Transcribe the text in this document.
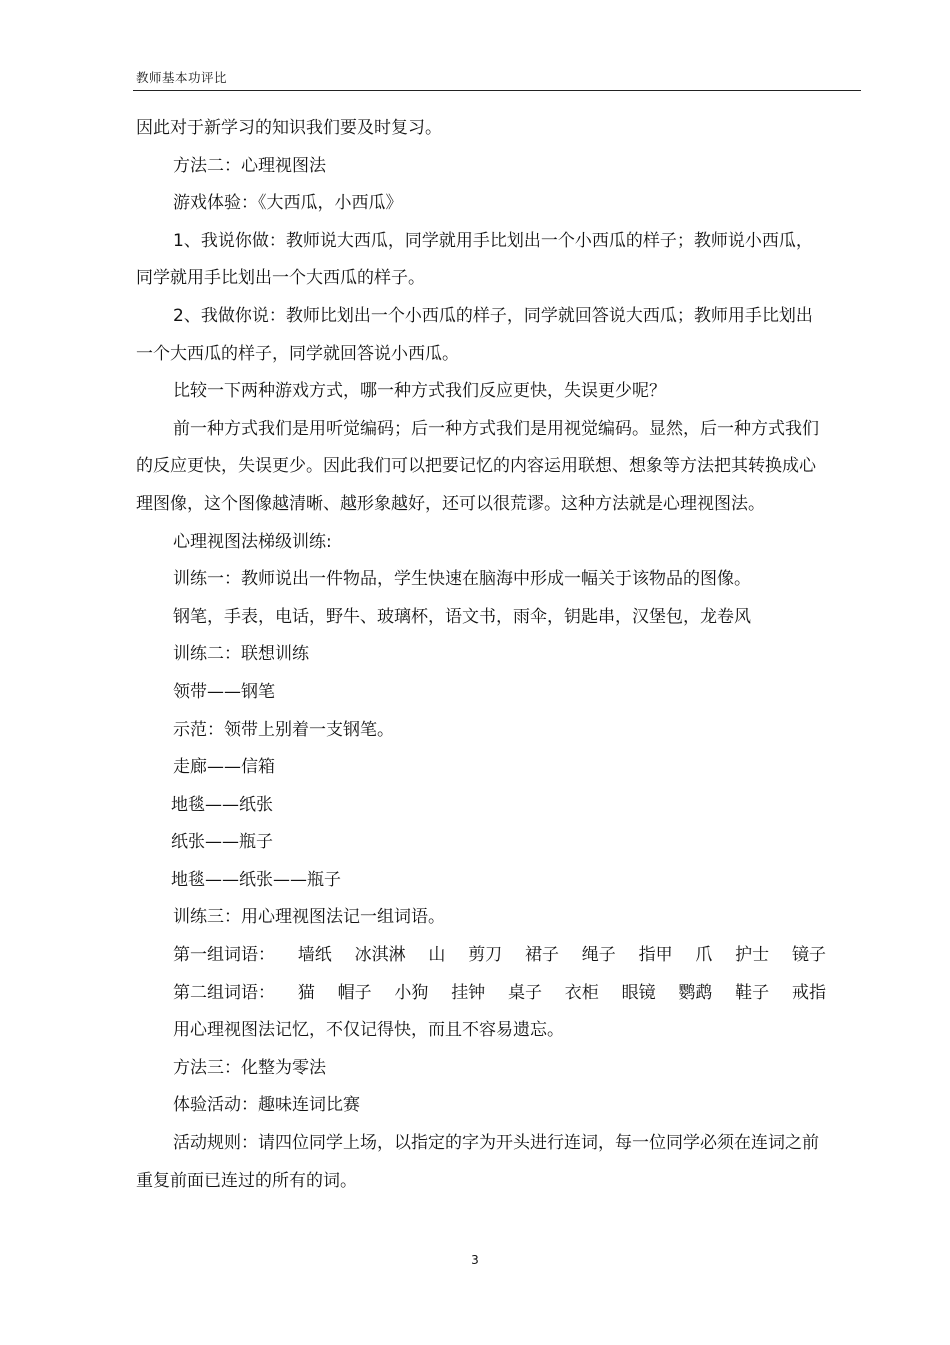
教师基本功评比

因此对于新学习的知识我们要及时复习。

方法二：心理视图法

游戏体验：《大西瓜，小西瓜》

1、我说你做：教师说大西瓜，同学就用手比划出一个小西瓜的样子；教师说小西瓜，同学就用手比划出一个大西瓜的样子。

2、我做你说：教师比划出一个小西瓜的样子，同学就回答说大西瓜；教师用手比划出一个大西瓜的样子，同学就回答说小西瓜。

比较一下两种游戏方式，哪一种方式我们反应更快，失误更少呢？

前一种方式我们是用听觉编码；后一种方式我们是用视觉编码。显然，后一种方式我们的反应更快，失误更少。因此我们可以把要记忆的内容运用联想、想象等方法把其转换成心理图像，这个图像越清晰、越形象越好，还可以很荒谬。这种方法就是心理视图法。

心理视图法梯级训练:

训练一：教师说出一件物品，学生快速在脑海中形成一幅关于该物品的图像。

钢笔，手表，电话，野牛、玻璃杯，语文书，雨伞，钥匙串，汉堡包，龙卷风

训练二：联想训练

领带——钢笔

示范：领带上别着一支钢笔。

走廊——信箱

地毯——纸张

纸张——瓶子

地毯——纸张——瓶子

训练三：用心理视图法记一组词语。

第一组词语： 墙纸 冰淇淋 山 剪刀 裙子 绳子 指甲 爪 护士 镜子
第二组词语： 猫 帽子 小狗 挂钟 桌子 衣柜 眼镜 鹦鹉 鞋子 戒指

用心理视图法记忆，不仅记得快，而且不容易遗忘。

方法三：化整为零法

体验活动：趣味连词比赛

活动规则：请四位同学上场，以指定的字为开头进行连词，每一位同学必须在连词之前重复前面已连过的所有的词。

3
